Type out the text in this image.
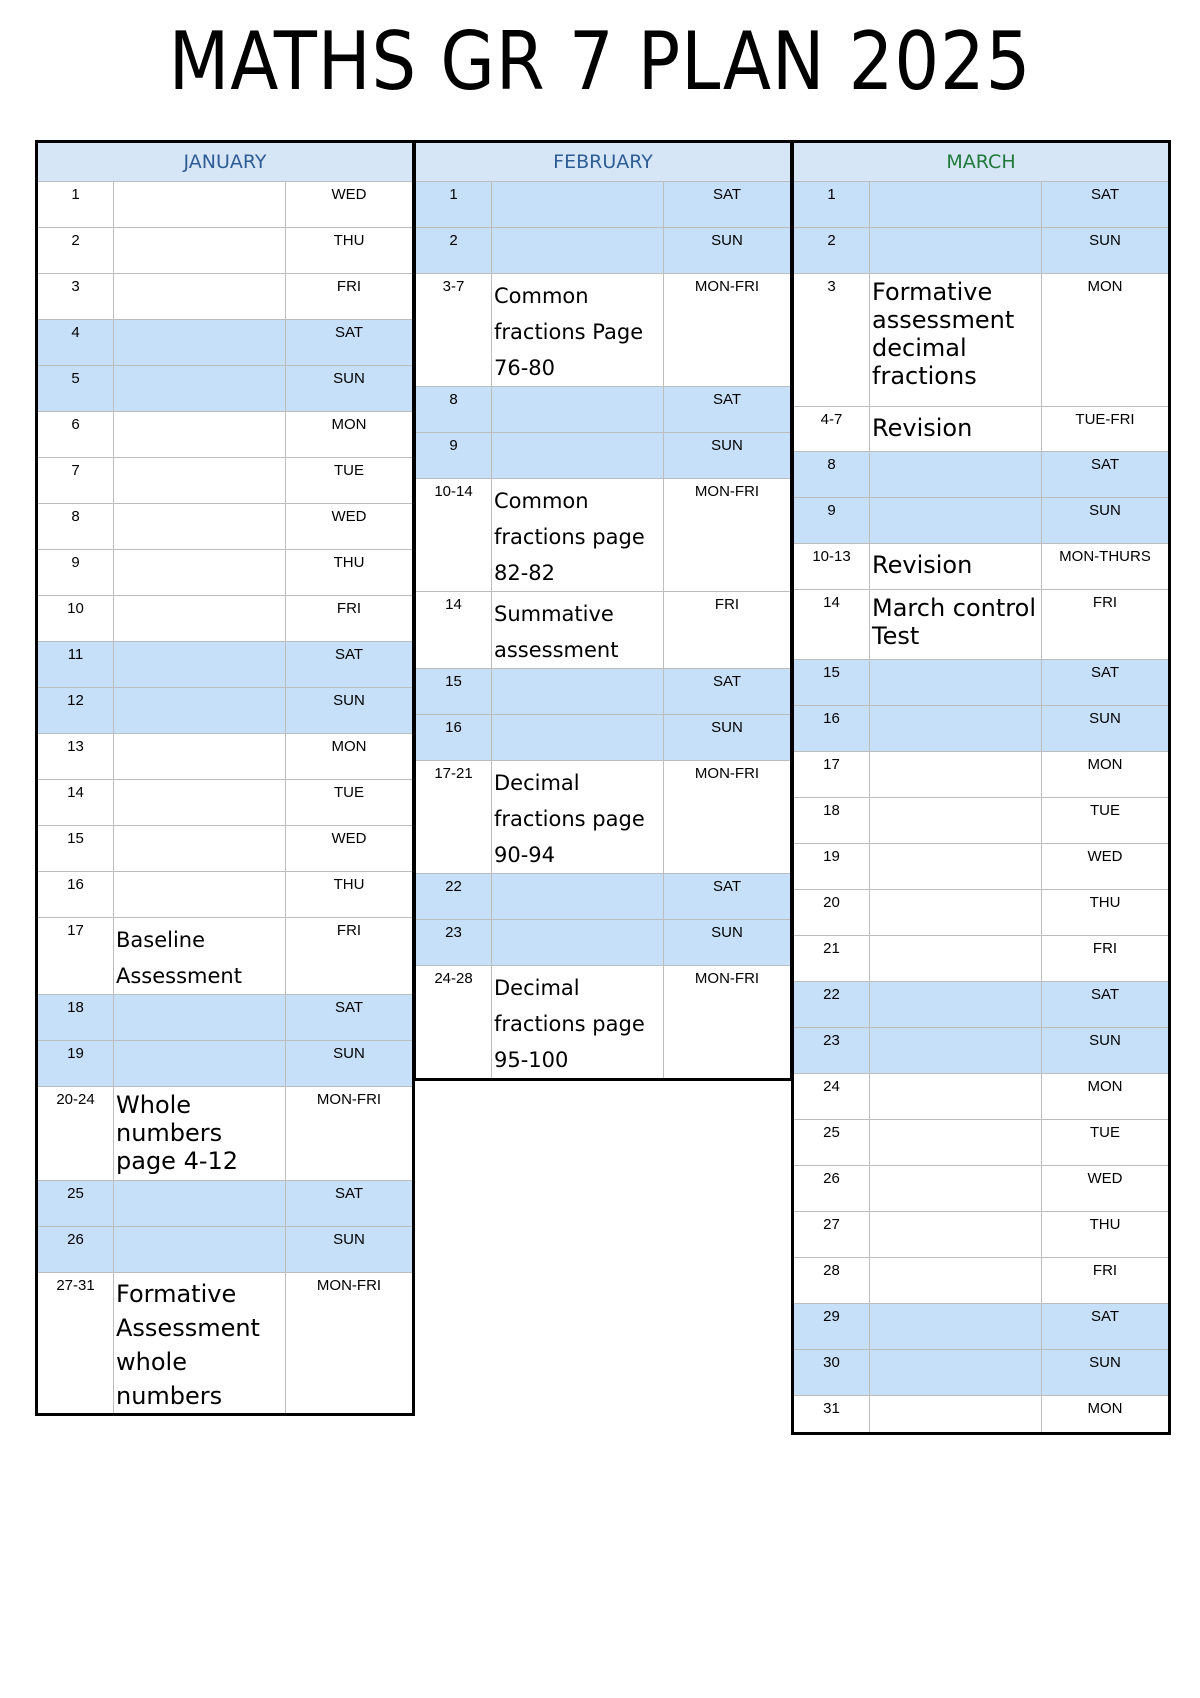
MATHS GR 7 PLAN 2025
JANUARY		
1		WED
2		THU
3		FRI
4		SAT
5		SUN
6		MON
7		TUE
8		WED
9		THU
10		FRI
11		SAT
12		SUN
13		MON
14		TUE
15		WED
16		THU
17	Baseline Assessment	FRI
18		SAT
19		SUN
20-24	Whole numbers page 4-12	MON-FRI
25		SAT
26		SUN
27-31	Formative Assessment whole numbers	MON-FRI
FEBRUARY		
1		SAT
2		SUN
3-7	Common fractions Page 76-80	MON-FRI
8		SAT
9		SUN
10-14	Common fractions page 82-82	MON-FRI
14	Summative assessment	FRI
15		SAT
16		SUN
17-21	Decimal fractions page 90-94	MON-FRI
22		SAT
23		SUN
24-28	Decimal fractions page 95-100	MON-FRI
MARCH		
1		SAT
2		SUN
3	Formative assessment decimal fractions	MON
4-7	Revision	TUE-FRI
8		SAT
9		SUN
10-13	Revision	MON-THURS
14	March control Test	FRI
15		SAT
16		SUN
17		MON
18		TUE
19		WED
20		THU
21		FRI
22		SAT
23		SUN
24		MON
25		TUE
26		WED
27		THU
28		FRI
29		SAT
30		SUN
31		MON
